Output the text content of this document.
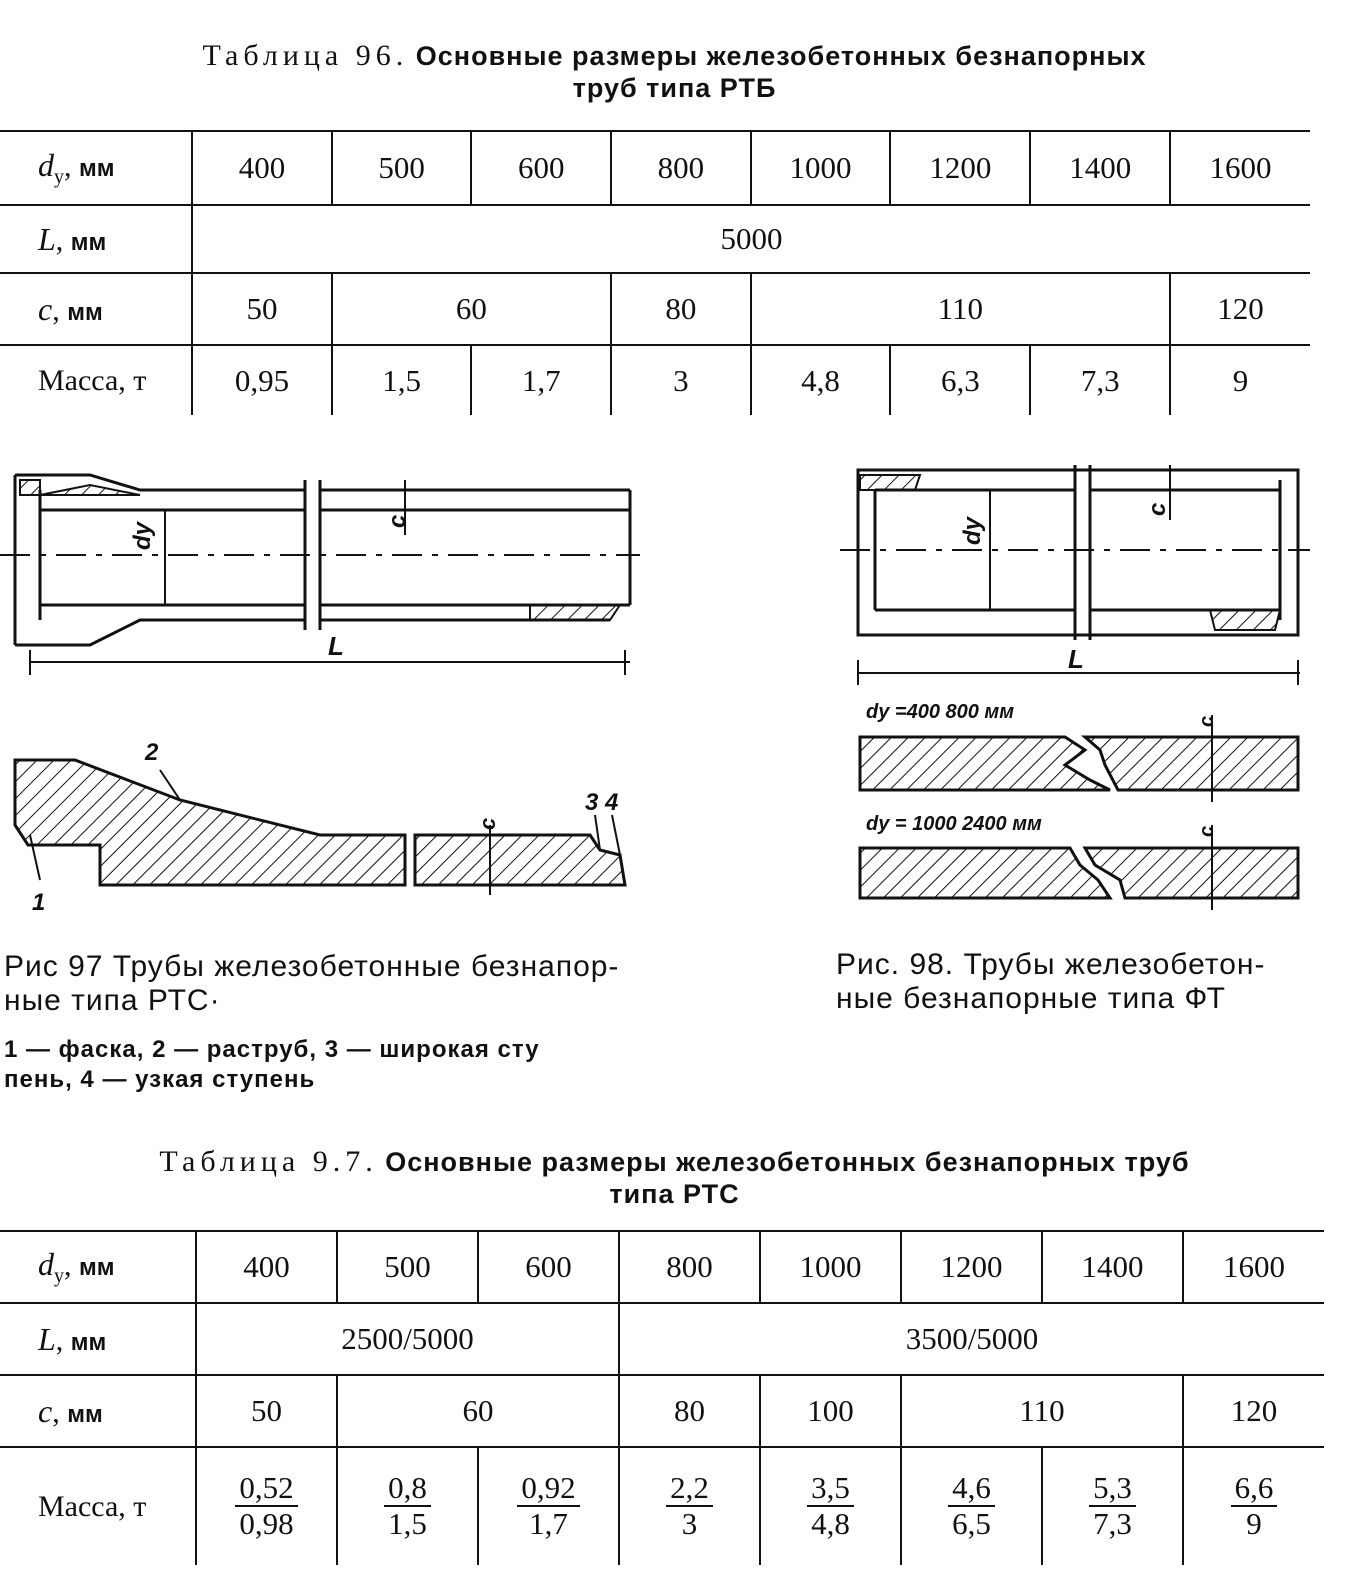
Таблица 96. Основные размеры железобетонных безнапорных
труб типа РТБ
$d_у$, мм	400	500	600	800	1000	1200	1400	1600
L, мм	5000							
c, мм	50	60		80	110			120
Масса, т	0,95	1,5	1,7	3	4,8	6,3	7,3	9
dу
c
L
2
1
3 4
c
dу
c
L
dу =400 800 мм	c
dу = 1000 2400 мм	c
Рис 97 Трубы железобетонные безнапор-
ные типа РТС·
1 — фаска, 2 — раструб, 3 — широкая сту
пень, 4 — узкая ступень
Рис. 98. Трубы железобетон-
ные безнапорные типа ФТ
Таблица 9.7. Основные размеры железобетонных безнапорных труб
типа РТС
$d_у$, мм	400	500	600	800	1000	1200	1400	1600
L, мм	2500/5000			3500/5000				
c, мм	50	60		80	100	110		120
Масса, т	$\frac{0,52}{0,98}$	$\frac{0,8}{1,5}$	$\frac{0,92}{1,7}$	$\frac{2,2}{3}$	$\frac{3,5}{4,8}$	$\frac{4,6}{6,5}$	$\frac{5,3}{7,3}$	$\frac{6,6}{9}$
